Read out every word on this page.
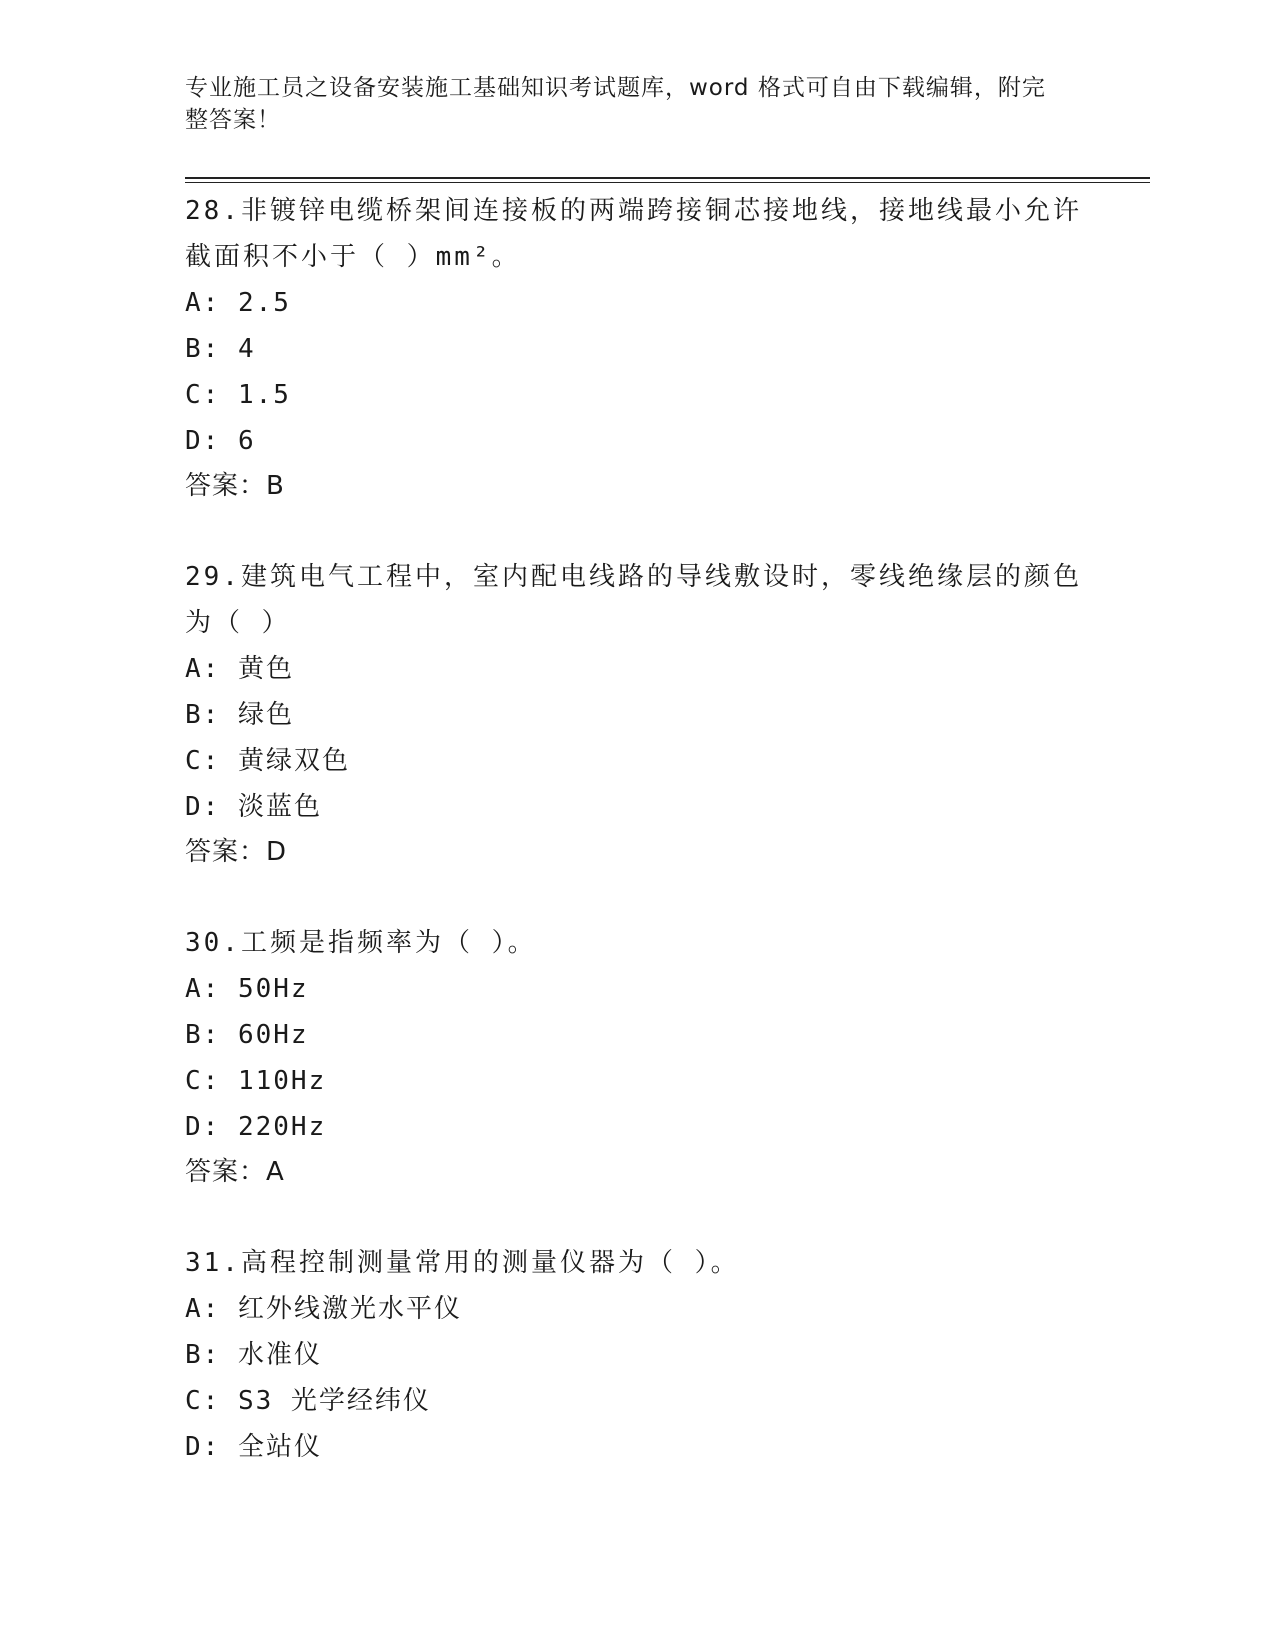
专业施工员之设备安装施工基础知识考试题库，word 格式可自由下载编辑，附完整答案！

28.非镀锌电缆桥架间连接板的两端跨接铜芯接地线，接地线最小允许截面积不小于（ ）mm²。

A: 2.5

B: 4

C: 1.5

D: 6

答案：B

29.建筑电气工程中，室内配电线路的导线敷设时，零线绝缘层的颜色为（ ）

A: 黄色

B: 绿色

C: 黄绿双色

D: 淡蓝色

答案：D

30.工频是指频率为（ ）。

A: 50Hz

B: 60Hz

C: 110Hz

D: 220Hz

答案：A

31.高程控制测量常用的测量仪器为（ ）。

A: 红外线激光水平仪

B: 水准仪

C: S3 光学经纬仪

D: 全站仪
